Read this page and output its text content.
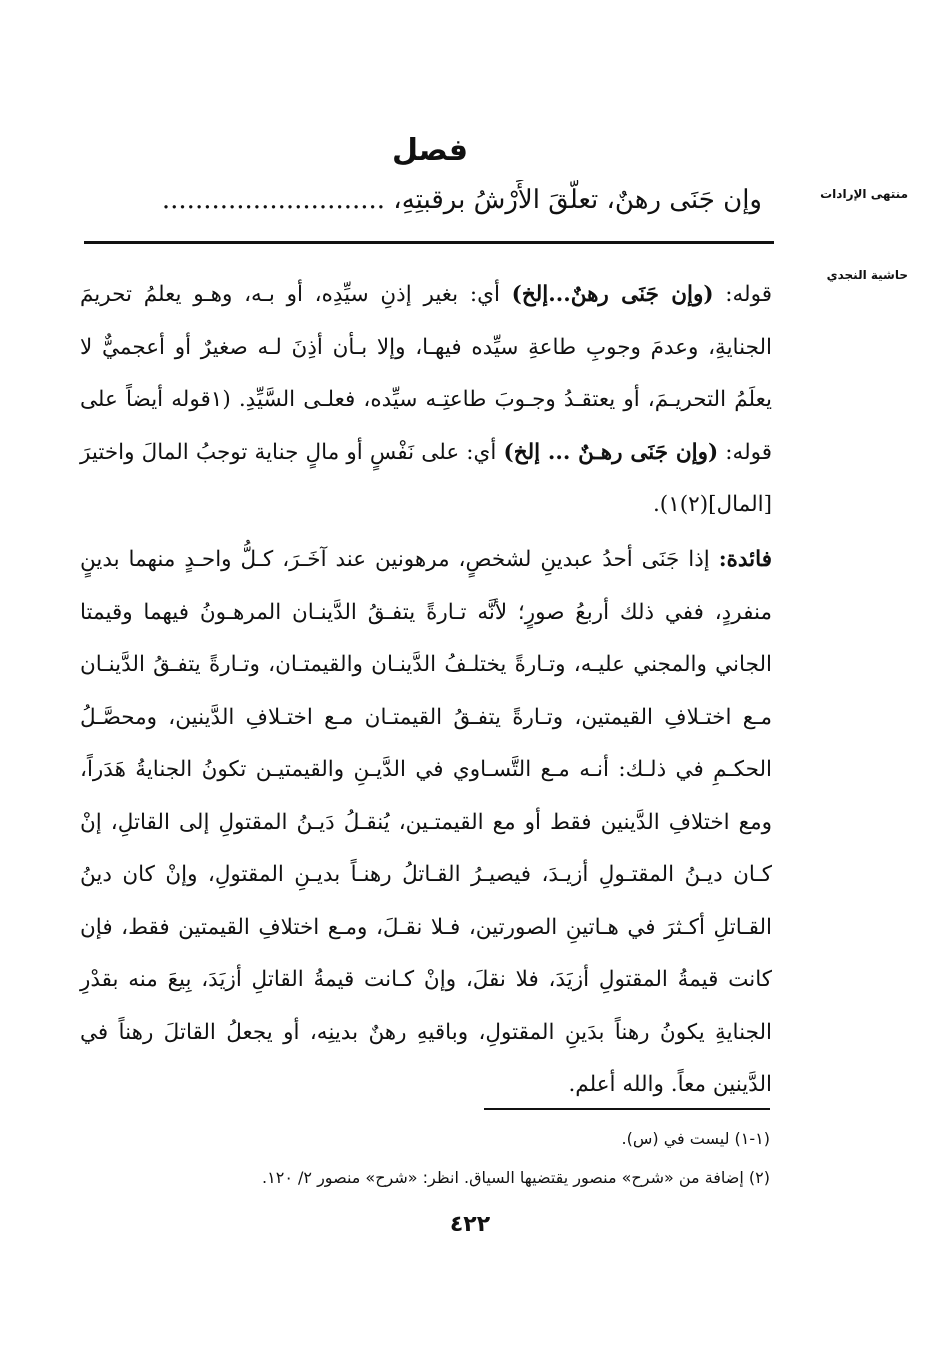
فصل
وإن جَنَى رهنٌ، تعلَّقَ الأَرْشُ برقبتِهِ، ...........................	منتهى الإرادات
حاشية النجدي
قوله: (وإن جَنَى رهنٌ...إلخ) أي: بغير إذنِ سيِّدِه، أو بـه، وهـو يعلمُ تحريمَ الجنايةِ، وعدمَ وجوبِ طاعةِ سيِّده فيهـا، وإلا بـأن أذِنَ لـه صغيرٌ أو أعجميٌّ لا يعلَمُ التحريـمَ، أو يعتقـدُ وجـوبَ طاعتِـه سيِّده، فعلـى السَّيِّدِ. (١قوله أيضاً على قوله: (وإن جَنَى رهـنٌ ... إلخ) أي: على نَفْسٍ أو مالٍ جناية توجبُ المالَ واختيرَ [المال](٢)١).
فائدة: إذا جَنَى أحدُ عبدينِ لشخصٍ، مرهونين عند آخَـرَ، كـلُّ واحـدٍ منهما بدينٍ منفردٍ، ففي ذلك أربعُ صورٍ؛ لأنَّه تـارةً يتفـقُ الدَّينـان المرهـونُ فيهما وقيمتا الجاني والمجني عليـه، وتـارةً يختلـفُ الدَّينـان والقيمتـان، وتـارةً يتفـقُ الدَّينـان مـع اختـلافِ القيمتين، وتـارةً يتفـقُ القيمتـان مـع اختـلافِ الدَّينين، ومحصَّـلُ الحكـمِ في ذلـك: أنـه مـع التَّسـاوي في الدَّيـنِ والقيمتيـن تكونُ الجنايةُ هَدَراً، ومع اختلافِ الدَّينين فقط أو مع القيمتـين، يُنقـلُ دَيـنُ المقتولِ إلى القاتلِ، إنْ كـان ديـنُ المقتـولِ أزيـدَ، فيصيـرُ القـاتلُ رهنـاً بديـنِ المقتولِ، وإنْ كان دينُ القـاتلِ أكـثرَ في هـاتينِ الصورتين، فـلا نقـلَ، ومـع اختلافِ القيمتين فقط، فإن كانت قيمةُ المقتولِ أزيَدَ، فلا نقلَ، وإنْ كـانت قيمةُ القاتلِ أزيَدَ، بِيعَ منه بقدْرِ الجنايةِ يكونُ رهناً بدَينِ المقتولِ، وباقيهِ رهنٌ بدينِه، أو يجعلُ القاتلَ رهناً في الدَّينين معاً. والله أعلم.
(١-١) ليست في (س).
(٢) إضافة من «شرح» منصور يقتضيها السياق. انظر: «شرح» منصور ٢/ ١٢٠.
٤٢٢
